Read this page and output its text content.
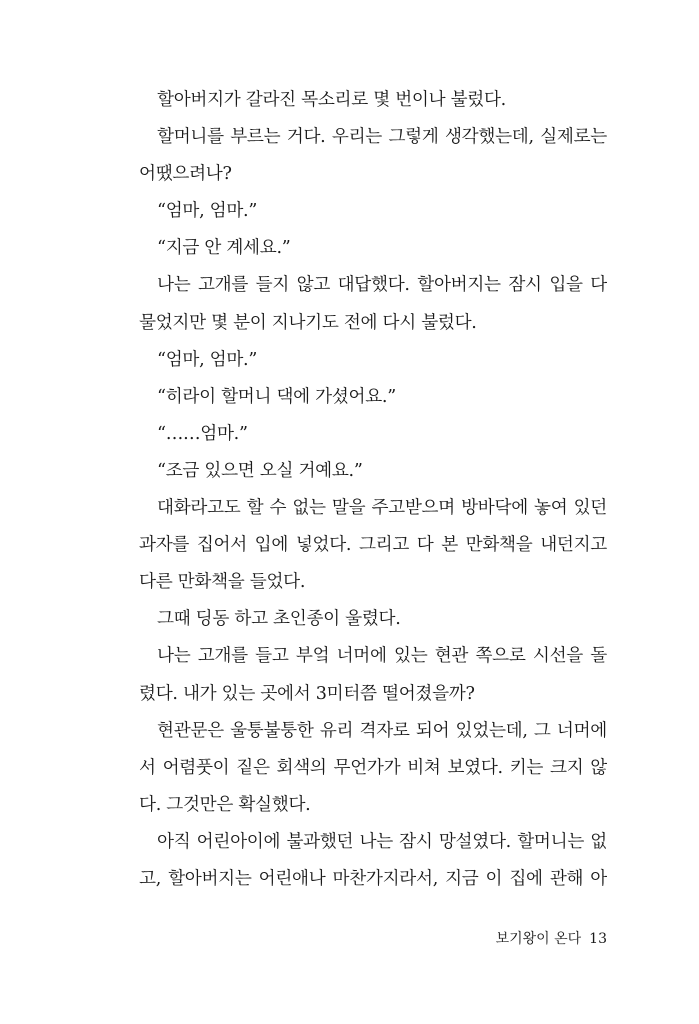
할아버지가 갈라진 목소리로 몇 번이나 불렀다.
할머니를 부르는 거다. 우리는 그렇게 생각했는데, 실제로는
어땠으려나?
“엄마, 엄마.”
“지금 안 계세요.”
나는 고개를 들지 않고 대답했다. 할아버지는 잠시 입을 다
물었지만 몇 분이 지나기도 전에 다시 불렀다.
“엄마, 엄마.”
“히라이 할머니 댁에 가셨어요.”
“……엄마.”
“조금 있으면 오실 거예요.”
대화라고도 할 수 없는 말을 주고받으며 방바닥에 놓여 있던
과자를 집어서 입에 넣었다. 그리고 다 본 만화책을 내던지고
다른 만화책을 들었다.
그때 딩동 하고 초인종이 울렸다.
나는 고개를 들고 부엌 너머에 있는 현관 쪽으로 시선을 돌
렸다. 내가 있는 곳에서 3미터쯤 떨어졌을까?
현관문은 울퉁불퉁한 유리 격자로 되어 있었는데, 그 너머에
서 어렴풋이 짙은 회색의 무언가가 비쳐 보였다. 키는 크지 않
다. 그것만은 확실했다.
아직 어린아이에 불과했던 나는 잠시 망설였다. 할머니는 없
고, 할아버지는 어린애나 마찬가지라서, 지금 이 집에 관해 아
보기왕이 온다 13
